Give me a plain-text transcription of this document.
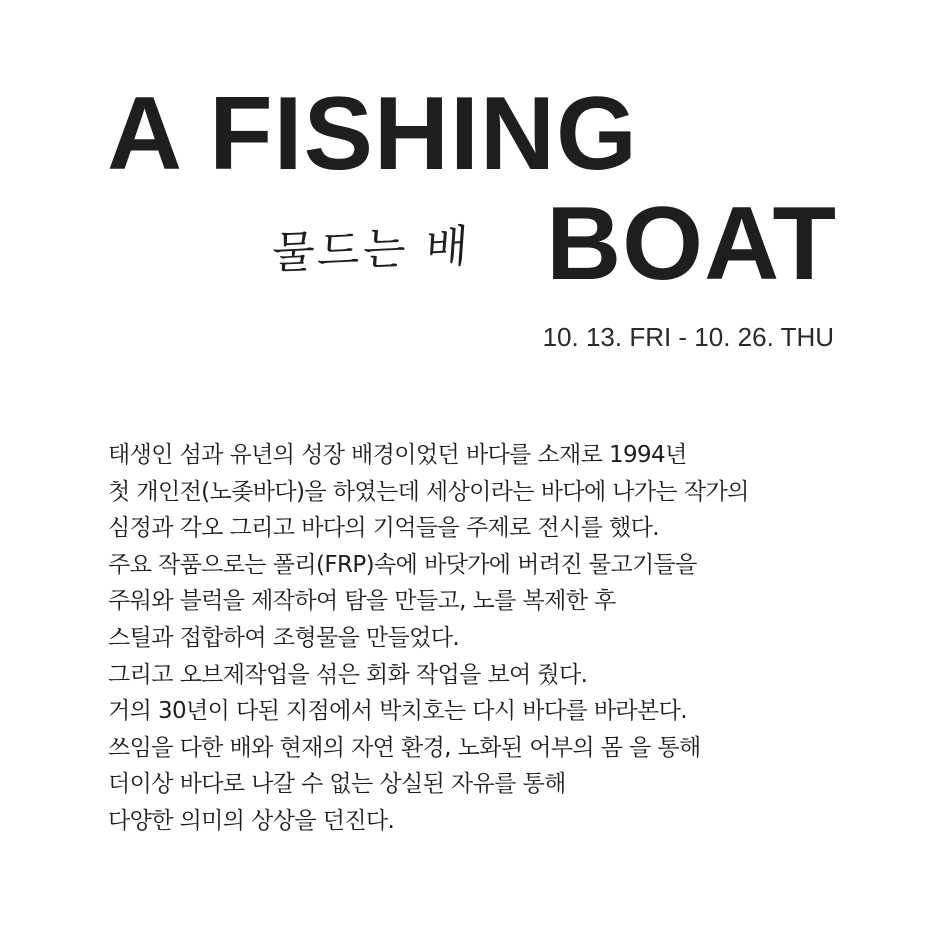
A FISHING
BOAT
물드는 배
10. 13. FRI - 10. 26. THU
태생인 섬과 유년의 성장 배경이었던 바다를 소재로 1994년
첫 개인전(노좆바다)을 하였는데 세상이라는 바다에 나가는 작가의
심정과 각오 그리고 바다의 기억들을 주제로 전시를 했다.
주요 작품으로는 폴리(FRP)속에 바닷가에 버려진 물고기들을
주워와 블럭을 제작하여 탐을 만들고, 노를 복제한 후
스틸과 접합하여 조형물을 만들었다.
그리고 오브제작업을 섞은 회화 작업을 보여 줬다.
거의 30년이 다된 지점에서 박치호는 다시 바다를 바라본다.
쓰임을 다한 배와 현재의 자연 환경, 노화된 어부의 몸 을 통해
더이상 바다로 나갈 수 없는 상실된 자유를 통해
다양한 의미의 상상을 던진다.
